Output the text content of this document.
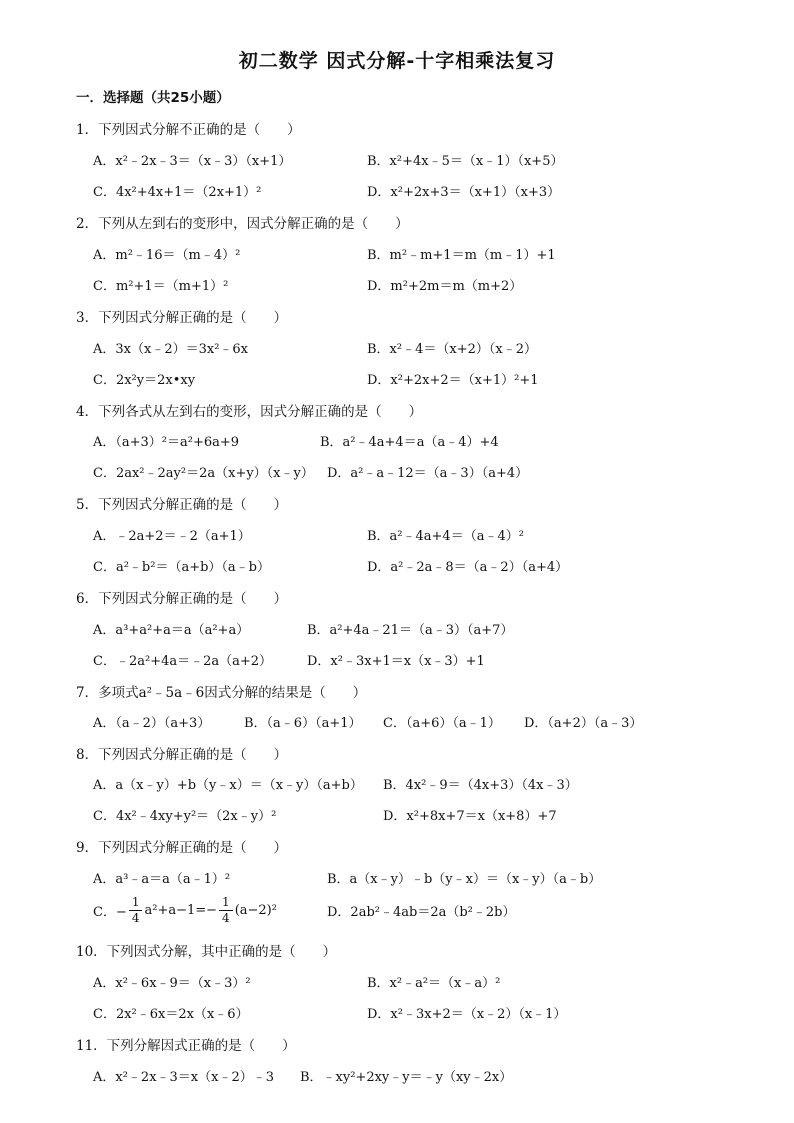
初二数学 因式分解-十字相乘法复习
一．选择题（共25小题）
1．下列因式分解不正确的是（　　）
A．x²﹣2x﹣3＝（x﹣3）（x+1）	B．x²+4x﹣5＝（x﹣1）（x+5）
C．4x²+4x+1＝（2x+1）²	D．x²+2x+3＝（x+1）（x+3）
2．下列从左到右的变形中，因式分解正确的是（　　）
A．m²﹣16＝（m﹣4）²	B．m²﹣m+1＝m（m﹣1）+1
C．m²+1＝（m+1）²	D．m²+2m＝m（m+2）
3．下列因式分解正确的是（　　）
A．3x（x﹣2）＝3x²﹣6x	B．x²﹣4＝（x+2）（x﹣2）
C．2x²y＝2x•xy	D．x²+2x+2＝（x+1）²+1
4．下列各式从左到右的变形，因式分解正确的是（　　）
A．（a+3）²＝a²+6a+9	B．a²﹣4a+4＝a（a﹣4）+4
C．2ax²﹣2ay²＝2a（x+y）（x﹣y） D．a²﹣a﹣12＝（a﹣3）（a+4）
5．下列因式分解正确的是（　　）
A．﹣2a+2＝﹣2（a+1）	B．a²﹣4a+4＝（a﹣4）²
C．a²﹣b²＝（a+b）（a﹣b）	D．a²﹣2a﹣8＝（a﹣2）（a+4）
6．下列因式分解正确的是（　　）
A．a³+a²+a＝a（a²+a）	B．a²+4a﹣21＝（a﹣3）（a+7）
C．﹣2a²+4a＝﹣2a（a+2）	D．x²﹣3x+1＝x（x﹣3）+1
7．多项式a²﹣5a﹣6因式分解的结果是（　　）
A．（a﹣2）（a+3）	B．（a﹣6）（a+1） C．（a+6）（a﹣1） D．（a+2）（a﹣3）
8．下列因式分解正确的是（　　）
A．a（x﹣y）+b（y﹣x）＝（x﹣y）（a+b） B．4x²﹣9＝（4x+3）（4x﹣3）
C．4x²﹣4xy+y²＝（2x﹣y）²	D．x²+8x+7＝x（x+8）+7
9．下列因式分解正确的是（　　）
A．a³﹣a＝a（a﹣1）²	B．a（x﹣y）﹣b（y﹣x）＝（x﹣y）（a﹣b）
C．− $\frac{1}{4} a^2+a-1=- \frac{1}{4} (a-2)^2$	D．2ab²﹣4ab＝2a（b²﹣2b）
10．下列因式分解，其中正确的是（　　）
A．x²﹣6x﹣9＝（x﹣3）²	B．x²﹣a²＝（x﹣a）²
C．2x²﹣6x＝2x（x﹣6）	D．x²﹣3x+2＝（x﹣2）（x﹣1）
11．下列分解因式正确的是（　　）
A．x²﹣2x﹣3＝x（x﹣2）﹣3 B．﹣xy²+2xy﹣y＝﹣y（xy﹣2x）
